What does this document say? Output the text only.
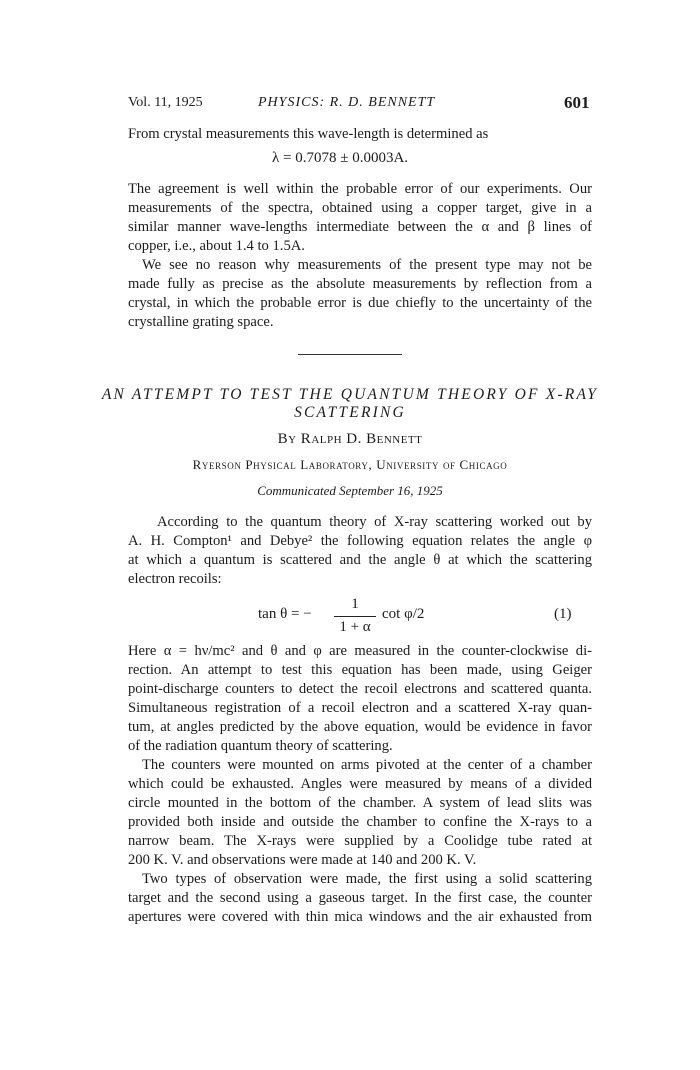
Vol. 11, 1925	PHYSICS: R. D. BENNETT	601
From crystal measurements this wave-length is determined as
λ = 0.7078 ± 0.0003A.
The agreement is well within the probable error of our experiments. Our
measurements of the spectra, obtained using a copper target, give in a
similar manner wave-lengths intermediate between the α and β lines of
copper, i.e., about 1.4 to 1.5A.
We see no reason why measurements of the present type may not be
made fully as precise as the absolute measurements by reflection from a
crystal, in which the probable error is due chiefly to the uncertainty of the
crystalline grating space.
AN ATTEMPT TO TEST THE QUANTUM THEORY OF X-RAY
SCATTERING
By Ralph D. Bennett
Ryerson Physical Laboratory, University of Chicago
Communicated September 16, 1925
According to the quantum theory of X-ray scattering worked out by
A. H. Compton¹ and Debye² the following equation relates the angle φ
at which a quantum is scattered and the angle θ at which the scattering
electron recoils:
tan θ = −
1
1 + α
cot φ/2	(1)
Here α = hν/mc² and θ and φ are measured in the counter-clockwise di-
rection. An attempt to test this equation has been made, using Geiger
point-discharge counters to detect the recoil electrons and scattered quanta.
Simultaneous registration of a recoil electron and a scattered X-ray quan-
tum, at angles predicted by the above equation, would be evidence in favor
of the radiation quantum theory of scattering.
The counters were mounted on arms pivoted at the center of a chamber
which could be exhausted. Angles were measured by means of a divided
circle mounted in the bottom of the chamber. A system of lead slits was
provided both inside and outside the chamber to confine the X-rays to a
narrow beam. The X-rays were supplied by a Coolidge tube rated at
200 K. V. and observations were made at 140 and 200 K. V.
Two types of observation were made, the first using a solid scattering
target and the second using a gaseous target. In the first case, the counter
apertures were covered with thin mica windows and the air exhausted from
